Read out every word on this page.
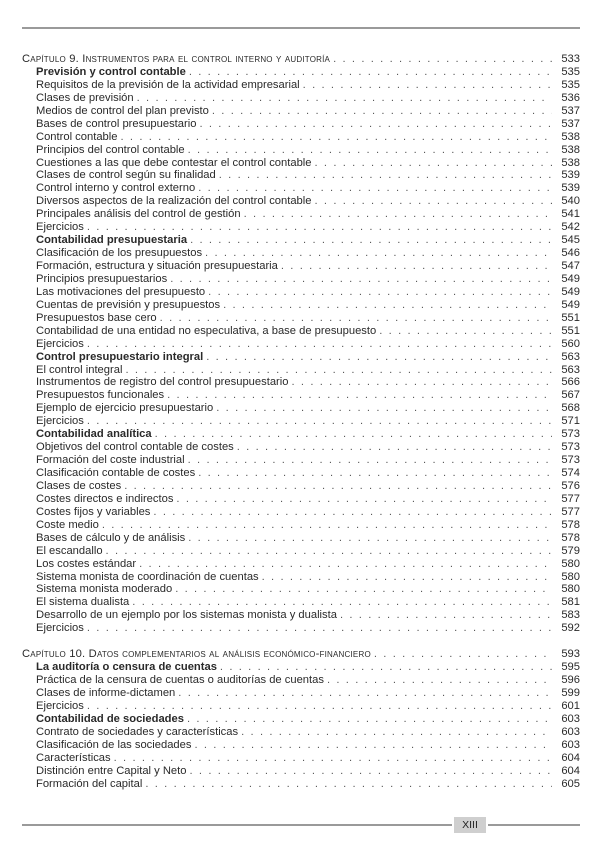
Capítulo 9. Instrumentos para el control interno y auditoría . . .	533
Previsión y control contable . . .	535
Requisitos de la previsión de la actividad empresarial . . .	535
Clases de previsión . . .	536
Medios de control del plan previsto . . .	537
Bases de control presupuestario . . .	537
Control contable . . .	538
Principios del control contable . . .	538
Cuestiones a las que debe contestar el control contable . . .	538
Clases de control según su finalidad . . .	539
Control interno y control externo . . .	539
Diversos aspectos de la realización del control contable . . .	540
Principales análisis del control de gestión . . .	541
Ejercicios . . .	542
Contabilidad presupuestaria . . .	545
Clasificación de los presupuestos . . .	546
Formación, estructura y situación presupuestaria . . .	547
Principios presupuestarios . . .	549
Las motivaciones del presupuesto . . .	549
Cuentas de previsión y presupuestos . . .	549
Presupuestos base cero . . .	551
Contabilidad de una entidad no especulativa, a base de presupuesto . . .	551
Ejercicios . . .	560
Control presupuestario integral . . .	563
El control integral . . .	563
Instrumentos de registro del control presupuestario . . .	566
Presupuestos funcionales . . .	567
Ejemplo de ejercicio presupuestario . . .	568
Ejercicios . . .	571
Contabilidad analítica . . .	573
Objetivos del control contable de costes . . .	573
Formación del coste industrial . . .	573
Clasificación contable de costes . . .	574
Clases de costes . . .	576
Costes directos e indirectos . . .	577
Costes fijos y variables . . .	577
Coste medio . . .	578
Bases de cálculo y de análisis . . .	578
El escandallo . . .	579
Los costes estándar . . .	580
Sistema monista de coordinación de cuentas . . .	580
Sistema monista moderado . . .	580
El sistema dualista . . .	581
Desarrollo de un ejemplo por los sistemas monista y dualista . . .	583
Ejercicios . . .	592
Capítulo 10. Datos complementarios al análisis económico-financiero . . .	593
La auditoría o censura de cuentas . . .	595
Práctica de la censura de cuentas o auditorías de cuentas . . .	596
Clases de informe-dictamen . . .	599
Ejercicios . . .	601
Contabilidad de sociedades . . .	603
Contrato de sociedades y características . . .	603
Clasificación de las sociedades . . .	603
Características . . .	604
Distinción entre Capital y Neto . . .	604
Formación del capital . . .	605
XIII
